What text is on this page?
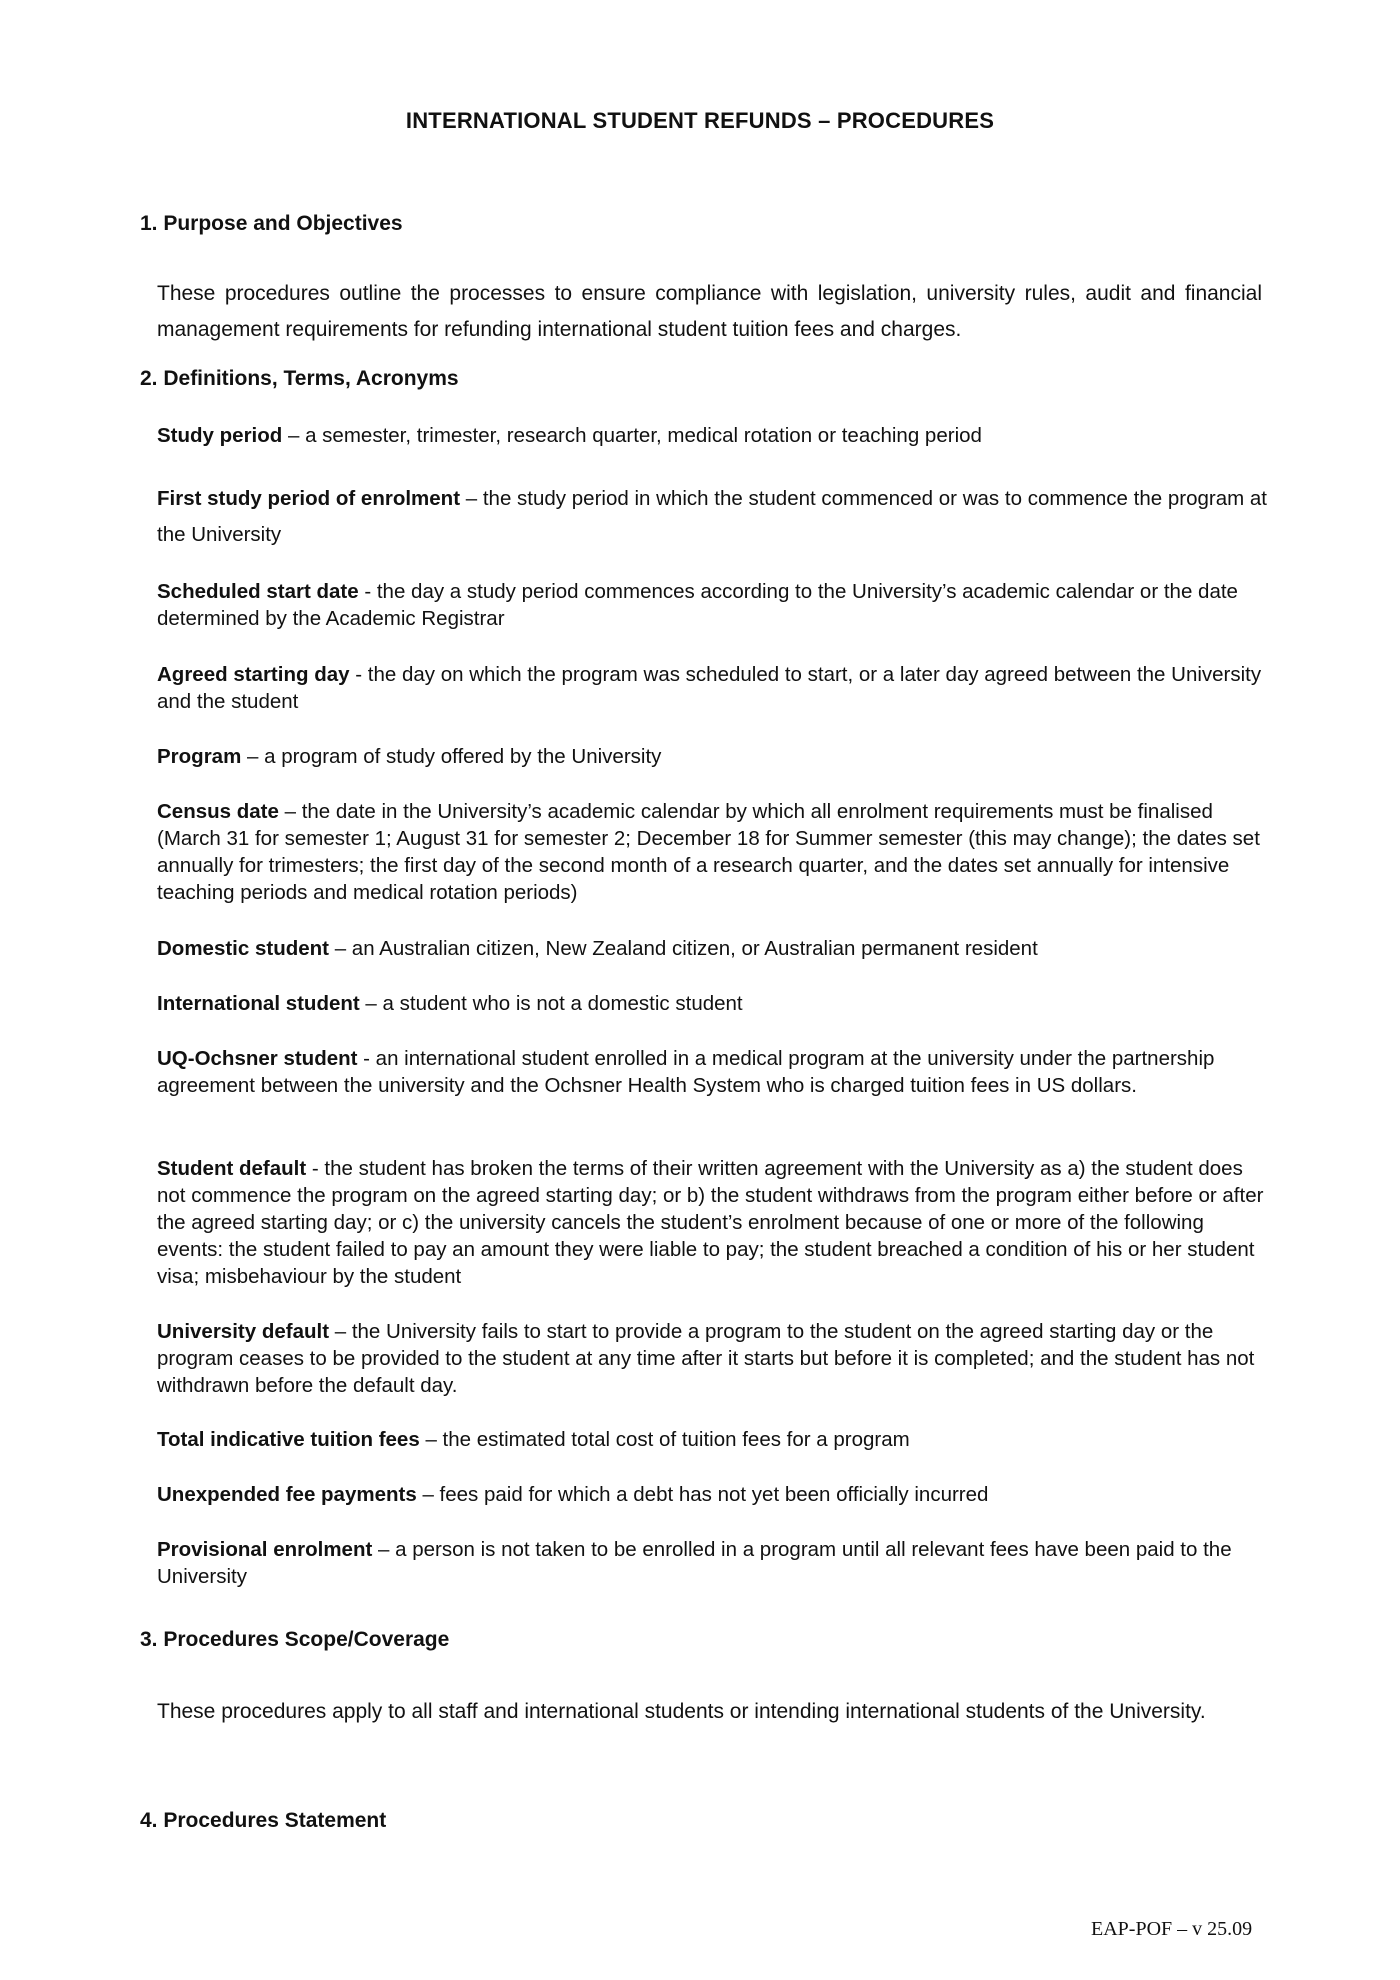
INTERNATIONAL STUDENT REFUNDS – PROCEDURES
1. Purpose and Objectives
These procedures outline the processes to ensure compliance with legislation, university rules, audit and financial management requirements for refunding international student tuition fees and charges.
2. Definitions, Terms, Acronyms
Study period – a semester, trimester, research quarter, medical rotation or teaching period
First study period of enrolment – the study period in which the student commenced or was to commence the program at the University
Scheduled start date - the day a study period commences according to the University’s academic calendar or the date determined by the Academic Registrar
Agreed starting day - the day on which the program was scheduled to start, or a later day agreed between the University and the student
Program – a program of study offered by the University
Census date – the date in the University’s academic calendar by which all enrolment requirements must be finalised (March 31 for semester 1; August 31 for semester 2; December 18 for Summer semester (this may change); the dates set annually for trimesters; the first day of the second month of a research quarter, and the dates set annually for intensive teaching periods and medical rotation periods)
Domestic student – an Australian citizen, New Zealand citizen, or Australian permanent resident
International student – a student who is not a domestic student
UQ-Ochsner student - an international student enrolled in a medical program at the university under the partnership agreement between the university and the Ochsner Health System who is charged tuition fees in US dollars.
Student default - the student has broken the terms of their written agreement with the University as a) the student does not commence the program on the agreed starting day; or b) the student withdraws from the program either before or after the agreed starting day; or c) the university cancels the student’s enrolment because of one or more of the following events: the student failed to pay an amount they were liable to pay; the student breached a condition of his or her student visa; misbehaviour by the student
University default – the University fails to start to provide a program to the student on the agreed starting day or the program ceases to be provided to the student at any time after it starts but before it is completed; and the student has not withdrawn before the default day.
Total indicative tuition fees – the estimated total cost of tuition fees for a program
Unexpended fee payments – fees paid for which a debt has not yet been officially incurred
Provisional enrolment – a person is not taken to be enrolled in a program until all relevant fees have been paid to the University
3. Procedures Scope/Coverage
These procedures apply to all staff and international students or intending international students of the University.
4. Procedures Statement
EAP-POF – v 25.09
